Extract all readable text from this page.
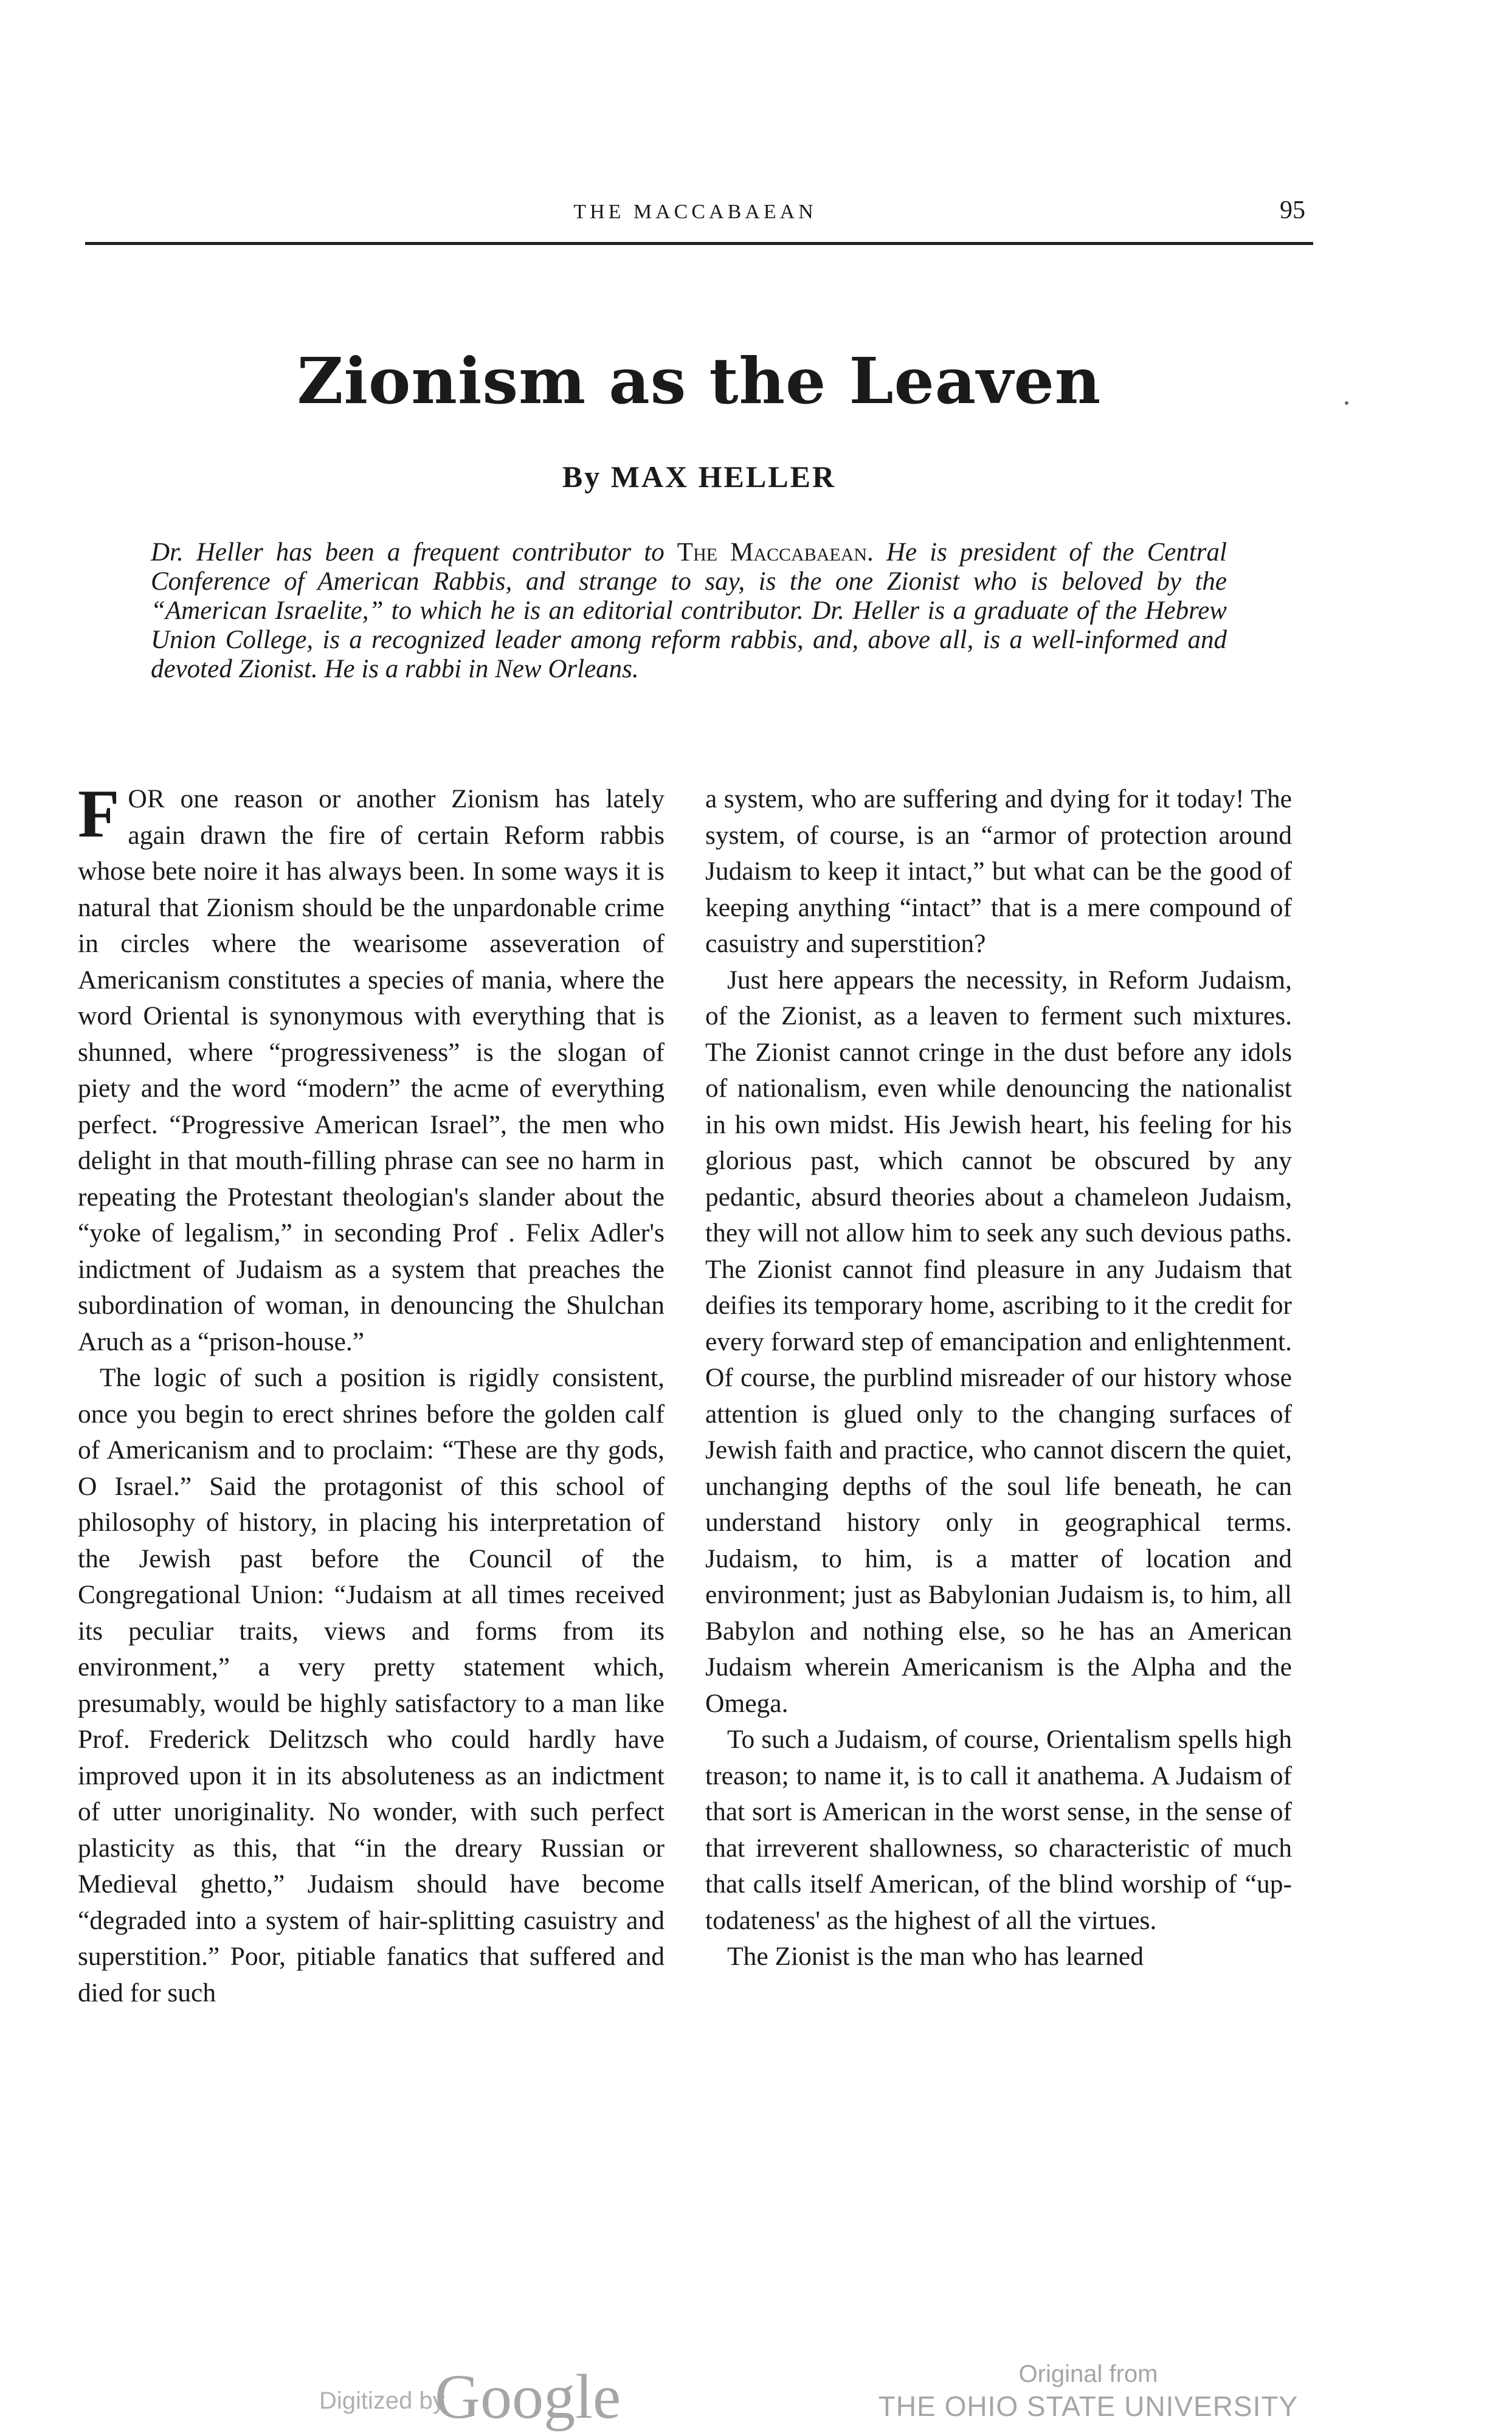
THE MACCABAEAN	95
Zionism as the Leaven
By MAX HELLER

Dr. Heller has been a frequent contributor to The Maccabaean. He is president of the Central Conference of American Rabbis, and strange to say, is the one Zionist who is beloved by the “American Israelite,” to which he is an editorial contributor. Dr. Heller is a graduate of the Hebrew Union College, is a recognized leader among reform rabbis, and, above all, is a well-informed and devoted Zionist. He is a rabbi in New Orleans.

FOR one reason or another Zionism has lately again drawn the fire of certain Reform rabbis whose bete noire it has always been. In some ways it is natural that Zionism should be the unpardonable crime in circles where the wearisome asseveration of Americanism constitutes a species of mania, where the word Oriental is synonymous with everything that is shunned, where “progressiveness” is the slogan of piety and the word “modern” the acme of everything perfect. “Progressive American Israel”, the men who delight in that mouth-filling phrase can see no harm in repeating the Protestant theologian's slander about the “yoke of legalism,” in seconding Prof . Felix Adler's indictment of Judaism as a system that preaches the subordination of woman, in denouncing the Shulchan Aruch as a “prison-house.”

The logic of such a position is rigidly consistent, once you begin to erect shrines before the golden calf of Americanism and to proclaim: “These are thy gods, O Israel.” Said the protagonist of this school of philosophy of history, in placing his interpretation of the Jewish past before the Council of the Congregational Union: “Judaism at all times received its peculiar traits, views and forms from its environment,” a very pretty statement which, presumably, would be highly satisfactory to a man like Prof. Frederick Delitzsch who could hardly have improved upon it in its absoluteness as an indictment of utter unoriginality. No wonder, with such perfect plasticity as this, that “in the dreary Russian or Medieval ghetto,” Judaism should have become “degraded into a system of hair-splitting casuistry and superstition.” Poor, pitiable fanatics that suffered and died for such

a system, who are suffering and dying for it today! The system, of course, is an “armor of protection around Judaism to keep it intact,” but what can be the good of keeping anything “intact” that is a mere compound of casuistry and superstition?

Just here appears the necessity, in Reform Judaism, of the Zionist, as a leaven to ferment such mixtures. The Zionist cannot cringe in the dust before any idols of nationalism, even while denouncing the nationalist in his own midst. His Jewish heart, his feeling for his glorious past, which cannot be obscured by any pedantic, absurd theories about a chameleon Judaism, they will not allow him to seek any such devious paths. The Zionist cannot find pleasure in any Judaism that deifies its temporary home, ascribing to it the credit for every forward step of emancipation and enlightenment. Of course, the purblind misreader of our history whose attention is glued only to the changing surfaces of Jewish faith and practice, who cannot discern the quiet, unchanging depths of the soul life beneath, he can understand history only in geographical terms. Judaism, to him, is a matter of location and environment; just as Babylonian Judaism is, to him, all Babylon and nothing else, so he has an American Judaism wherein Americanism is the Alpha and the Omega.

To such a Judaism, of course, Orientalism spells high treason; to name it, is to call it anathema. A Judaism of that sort is American in the worst sense, in the sense of that irreverent shallowness, so characteristic of much that calls itself American, of the blind worship of “up-todateness' as the highest of all the virtues.

The Zionist is the man who has learned

Digitized by
Google	Original from
THE OHIO STATE UNIVERSITY
